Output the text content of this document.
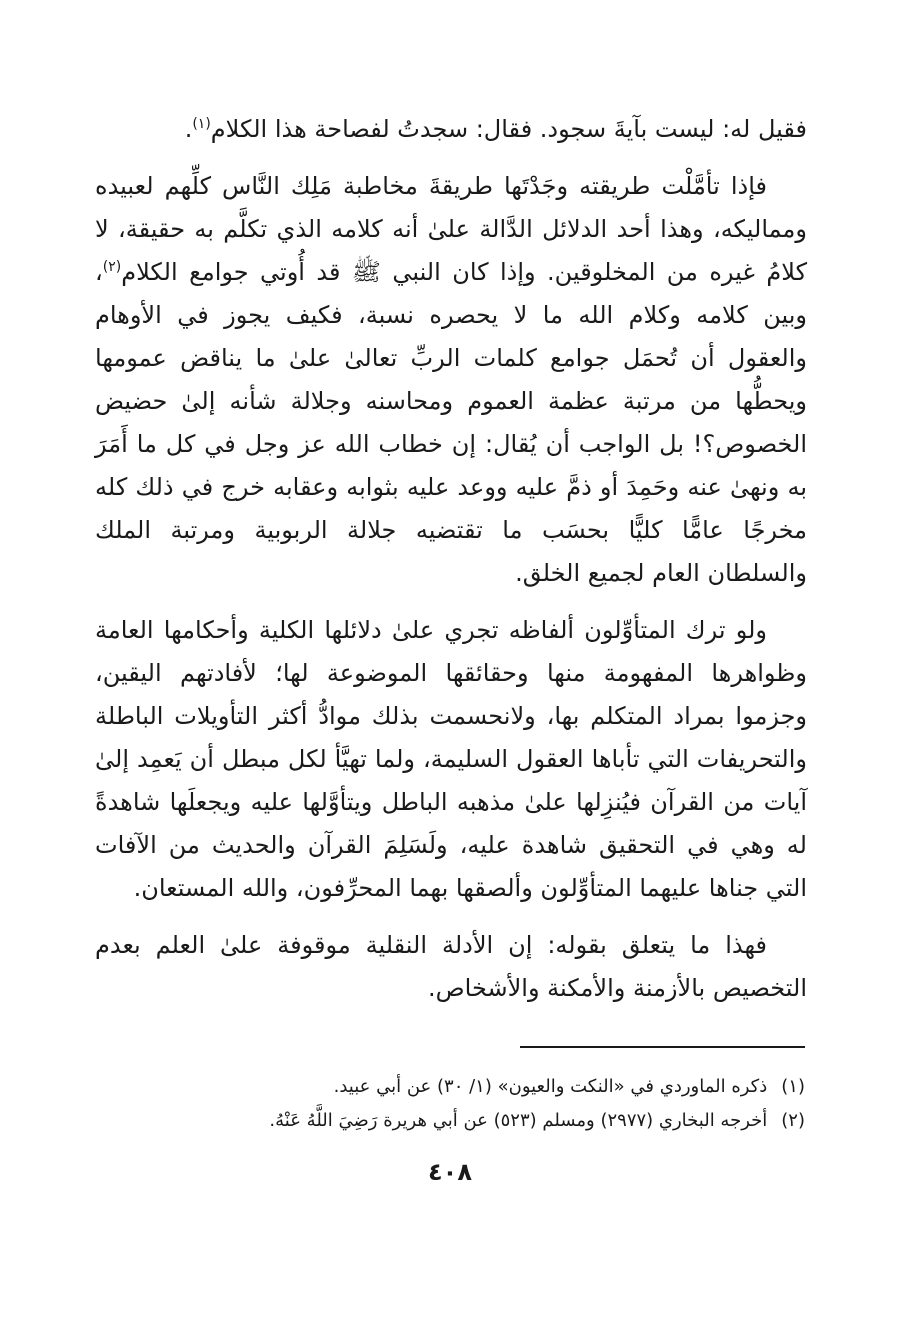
فقيل له: ليست بآيةَ سجود. فقال: سجدتُ لفصاحة هذا الكلام$^{(١)}$.

فإذا تأمَّلْت طريقته وجَدْتَها طريقةَ مخاطبة مَلِك النَّاس كلِّهم لعبيده ومماليكه، وهذا أحد الدلائل الدَّالة علىٰ أنه كلامه الذي تكلَّم به حقيقة، لا كلامُ غيره من المخلوقين. وإذا كان النبي ﷺ قد أُوتي جوامع الكلام$^{(٢)}$، وبين كلامه وكلام الله ما لا يحصره نسبة، فكيف يجوز في الأوهام والعقول أن تُحمَل جوامع كلمات الربِّ تعالىٰ علىٰ ما يناقض عمومها ويحطُّها من مرتبة عظمة العموم ومحاسنه وجلالة شأنه إلىٰ حضيض الخصوص؟! بل الواجب أن يُقال: إن خطاب الله عز وجل في كل ما أَمَرَ به ونهىٰ عنه وحَمِدَ أو ذمَّ عليه ووعد عليه بثوابه وعقابه خرج في ذلك كله مخرجًا عامًّا كليًّا بحسَب ما تقتضيه جلالة الربوبية ومرتبة الملك والسلطان العام لجميع الخلق.

ولو ترك المتأوِّلون ألفاظه تجري علىٰ دلائلها الكلية وأحكامها العامة وظواهرها المفهومة منها وحقائقها الموضوعة لها؛ لأفادتهم اليقين، وجزموا بمراد المتكلم بها، ولانحسمت بذلك موادُّ أكثر التأويلات الباطلة والتحريفات التي تأباها العقول السليمة، ولما تهيَّأ لكل مبطل أن يَعمِد إلىٰ آيات من القرآن فيُنزِلها علىٰ مذهبه الباطل ويتأوَّلها عليه ويجعلَها شاهدةً له وهي في التحقيق شاهدة عليه، ولَسَلِمَ القرآن والحديث من الآفات التي جناها عليهما المتأوِّلون وألصقها بهما المحرِّفون، والله المستعان.

فهذا ما يتعلق بقوله: إن الأدلة النقلية موقوفة علىٰ العلم بعدم التخصيص بالأزمنة والأمكنة والأشخاص.

(١)ذكره الماوردي في «النكت والعيون» (١/ ٣٠) عن أبي عبيد.

(٢)أخرجه البخاري (٢٩٧٧) ومسلم (٥٢٣) عن أبي هريرة رَضِيَ اللَّهُ عَنْهُ.

٤٠٨
